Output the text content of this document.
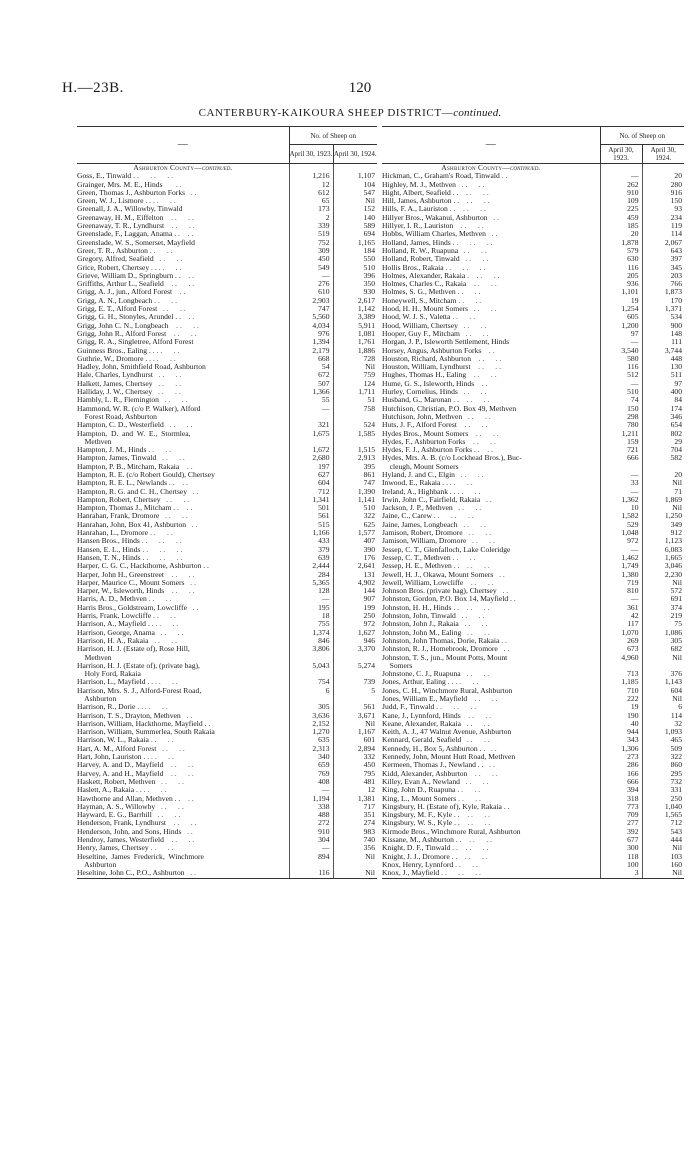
H.—23B.	120
CANTERBURY-KAIKOURA SHEEP DISTRICT—continued.
—	No. of Sheep on	
	April 30, 1923.	April 30, 1924.
Ashburton County—continued.		
Goss, E., Tinwald . .      . .      . .	1,216	1,107
Grainger, Mrs. M. E., Hinds       . .	12	104
Green, Thomas J., Ashburton Forks   . .	612	547
Green, W. J., Lismore . . . .      . .	65	Nil
Greenall, J. A., Willowby, Tinwald	173	152
Greenaway, H. M., Eiffelton    . .      . .	2	140
Greenaway, T. R., Lyndhurst    . .      . .	339	589
Greenslade, F., Laggan, Anama . .    . .	519	694
Greenslade, W. S., Somerset, Mayfield	752	1,165
Greer, T. R., Ashburton . .      . .	309	184
Gregory, Alfred, Seafield   . .      . .	450	550
Grice, Robert, Chertsey . . . .      . .	549	510
Grieve, William D., Springburn . .    . .	—	396
Griffiths, Arthur L., Seafield    . .      . .	276	350
Grigg, A. J., jun., Alford Forest    . .	610	930
Grigg, A. N., Longbeach . .      . .	2,903	2,617
Grigg, E. T., Alford Forest   . .      . .	747	1,142
Grigg, G. H., Stonyles, Arundel . .    . .	5,560	3,389
Grigg, John C. N., Longbeach    . .      . .	4,034	5,911
Grigg, John R., Alford Forest    . .      . .	976	1,081
Grigg, R. A., Singletree, Alford Forest	1,394	1,761
Guinness Bros., Ealing . . . .      . .	2,179	1,886
Guthrie, W., Dromore . . . .      . .	668	728
Hadley, John, Smithfield Road, Ashburton	54	Nil
Hale, Charles, Lyndhurst   . .      . .	672	759
Halkett, James, Chertsey   . .      . .	507	124
Halliday, J. W., Chertsey   . .      . .	1,366	1,711
Hambly, L. R., Flemington   . .      . .	55	51
Hammond, W. R. (c/o P. Walker), Alford	—	758
Forest Road, Ashburton		
Hampton, C. D., Westerfield   . .      . .	321	524
Hampton,  D.  and  W.  E.,  Stormlea,	1,675	1,585
Methven		
Hampton, J. M., Hinds . .      . .	1,672	1,515
Hampton, James, Tinwald   . .      . .	2,680	2,913
Hampton, P. B., Mitcham, Rakaia    . .	197	395
Hampton, R. E. (c/o Robert Gould), Chertsey	627	861
Hampton, R. E. L., Newlands . .    . .	604	747
Hampton, R. G. and C. H., Chertsey   . .	712	1,390
Hampton, Robert, Chertsey   . .      . .	1,341	1,141
Hampton, Thomas J., Mitcham . .    . .	501	510
Hanrahan, Frank, Dromore   . .      . .	561	322
Hanrahan, John, Box 41, Ashburton   . .	515	625
Hanrahan, L., Dromore . .      . .	1,166	1,577
Hansen Bros., Hinds . .      . .      . .	433	407
Hansen, E. L., Hinds . .      . .      . .	379	390
Hansen, T. N., Hinds . .      . .      . .	639	176
Harper, C. G. C., Hackthorne, Ashburton . .	2,444	2,641
Harper, John H., Greenstreet    . .      . .	284	131
Harper, Maurice C., Mount Somers   . .	5,365	4,902
Harper, W., Isleworth, Hinds    . .      . .	128	144
Harris, A. D., Methven . .      . .	—	907
Harris Bros., Goldstream, Lowcliffe   . .	195	199
Harris, Frank, Lowcliffe . .      . .	18	250
Harrison, A., Mayfield . . . .      . .	755	972
Harrison, George, Anama   . .      . .	1,374	1,627
Harrison, H. A., Rakaia   . .      . .	846	946
Harrison, H. J. (Estate of), Rose Hill,	3,806	3,370
Methven		
Harrison, H. J. (Estate of), (private bag),	5,043	5,274
Holy Ford, Rakaia		
Harrison, L., Mayfield . . . .      . .	754	739
Harrison, Mrs. S. J., Alford-Forest Road,	6	5
Ashburton		
Harrison, R., Dorie . . . .      . .	305	561
Harrison, T. S., Drayton, Methven   . .	3,636	3,671
Harrison, William, Hackthorne, Mayfield . .	2,152	Nil
Harrison, William, Summerlea, South Rakaia	1,270	1,167
Harrison, W. L., Rakaia . .      . .	635	601
Hart, A. M., Alford Forest   . .      . .	2,313	2,894
Hart, John, Lauriston . . . .      . .	340	332
Harvey, A. and D., Mayfield    . .      . .	659	450
Harvey, A. and H., Mayfield    . .      . .	769	795
Haskett, Robert, Methven   . .      . .	408	481
Haslett, A., Rakaia . . . .      . .	—	12
Hawthorne and Allan, Methven . .    . .	1,194	1,381
Hayman, A. S., Willowby   . .      . .	338	717
Hayward, E. G., Barrhill   . .      . .	488	351
Henderson, Frank, Lyndhurst    . .      . .	272	274
Henderson, John, and Sons, Hinds   . .	910	983
Hendroy, James, Westerfield    . .      . .	304	740
Henry, James, Chertsey . .      . .	—	356
Heseltine,  James  Frederick,  Winchmore	894	Nil
Ashburton		
Heseltine, John C., P.O., Ashburton   . .	116	Nil
—	No. of Sheep on	
	April 30, 1923.	April 30, 1924.
Ashburton County—continued.		
Hickman, C., Graham's Road, Tinwald . .	—	20
Highley, M. J., Methven   . .      . .	262	280
Hight, Albert, Seafield . .    . .      . .	910	916
Hill, James, Ashburton . .    . .      . .	109	150
Hills, F. A., Lauriston . .    . .      . .	225	93
Hillyer Bros., Wakanui, Ashburton   . .	459	234
Hillyer, I. R., Lauriston    . .      . .	185	119
Hobbs, William Charles, Methven   . .	20	114
Holland, James, Hinds . .      . .      . .	1,878	2,067
Holland, R. W., Ruapuna   . .      . .	579	643
Holland, Robert, Tinwald   . .      . .	630	397
Hollis Bros., Rakaia . .      . .      . .	116	345
Holmes, Alexander, Rakaia .    . .      . .	205	203
Holmes, Charles C., Rakaia    . .      . .	936	766
Holmes, S. G., Methven . .      . .	1,101	1,873
Honeywell, S., Mitcham . .      . .	19	170
Hood, H. H., Mount Somers   . .      . .	1,254	1,371
Hood, W. J. S., Valetta . .      . .	605	534
Hood, William, Chertsey   . .      . .	1,200	900
Hooper, Guy F., Mitcham   . .      . .	97	148
Horgan, J. P., Isleworth Settlement, Hinds	—	111
Horsey, Angus, Ashburton Forks    . .	3,540	3,744
Houston, Richard, Ashburton    . .      . .	580	448
Houston, William, Lyndhurst    . .      . .	116	130
Hughes, Thomas H., Ealing    . .      . .	512	511
Hume, G. S., Isleworth, Hinds    . .	—	97
Hurley, Cornelius, Hinds   . .      . .	510	400
Husband, G., Maronan . .    . .      . .	74	84
Hutchison, Christian, P.O. Box 49, Methven	150	174
Hutchison, John, Methven   . .      . .	298	346
Huts, J. F., Alford Forest    . .      . .	780	654
Hydes Bros., Mount Somers    . .      . .	1,211	802
Hydes, F., Ashburton Forks    . .      . .	159	29
Hydes, F. J., Ashburton Forks . .    . .	721	704
Hydes, Mrs. A. B. (c/o Lockhead Bros.), Buc-	666	582
cleugh, Mount Somers		
Hyland, J. and C., Elgin   . .      . .	—	20
Inwood, E., Rakaia . . . .      . .	33	Nil
Ireland, A., Highbank . . . .      . .	—	71
Irwin, John C., Fairfield, Rakaia   . .	1,362	1,869
Jackson, J. P., Methven   . .      . .	10	Nil
Jaine, C., Carew . .      . .      . .	1,582	1,250
Jaine, James, Longbeach   . .      . .	529	349
Jamison, Robert, Dromore   . .      . .	1,048	912
Jamison, William, Dromore   . .      . .	972	1,123
Jessep, C. T., Glenfalloch, Lake Coleridge	—	6,083
Jessep, C. T., Methven . .      . .	1,462	1,665
Jessep, H. E., Methven . .    . .      . .	1,749	3,046
Jewell, H. J., Okawa, Mount Somers   . .	1,380	2,230
Jewell, William, Lowcliffe    . .      . .	719	Nil
Johnson Bros. (private bag), Chertsey   . .	810	572
Johnston, Gordon, P.O. Box 14, Mayfield . .	—	691
Johnston, H. H., Hinds . .    . .      . .	361	374
Johnston, John, Tinwald   . .      . .	42	219
Johnston, John J., Rakaia   . .      . .	117	75
Johnston, John M., Ealing   . .      . .	1,070	1,086
Johnston, John Thomas, Dorie, Rakaia . .	269	305
Johnston, R. J., Homebrook, Dromore   . .	673	682
Johnston, T. S., jun., Mount Potts, Mount	4,960	Nil
Somers		
Johnstone, C. J., Ruapuna   . .      . .	713	376
Jones, Arthur, Ealing . . . .      . .	1,185	1,143
Jones, C. H., Winchmore Rural, Ashburton	710	604
Jones, William E., Mayfield    . .      . .	222	Nil
Judd, F., Tinwald . .      . .      . .	19	6
Kane, J., Lynnford, Hinds    . .      . .	190	114
Keane, Alexander, Rakaia   . .      . .	40	32
Keith, A. J., 47 Walnut Avenue, Ashburton	944	1,093
Kennard, Gerald, Seafield   . .      . .	343	465
Kennedy, H., Box 5, Ashburton . .   . .	1,306	509
Kennedy, John, Mount Hutt Road, Methven	273	322
Kermeen, Thomas J., Newland . .   . .	286	860
Kidd, Alexander, Ashburton    . .      . .	166	295
Killey, Evan A., Newland   . .      . .	666	732
King, John D., Ruapuna . .      . .	394	331
King, L., Mount Somers . .      . .	318	250
Kingsbury, H. (Estate of), Kyle, Rakaia . .	773	1,040
Kingsbury, M. F., Kyle . .    . .      . .	709	1,565
Kingsbury, W. S., Kyle . .    . .      . .	277	712
Kirmode Bros., Winchmore Rural, Ashburton	392	543
Kissane, M., Ashburton . .    . .      . .	677	444
Knight, D. F., Tinwald . .    . .      . .	300	Nil
Knight, J. J., Dromore . .    . .      . .	118	103
Knox, Henry, Lynnford . .      . .	100	160
Knox, J., Mayfield . .      . .      . .	3	Nil
